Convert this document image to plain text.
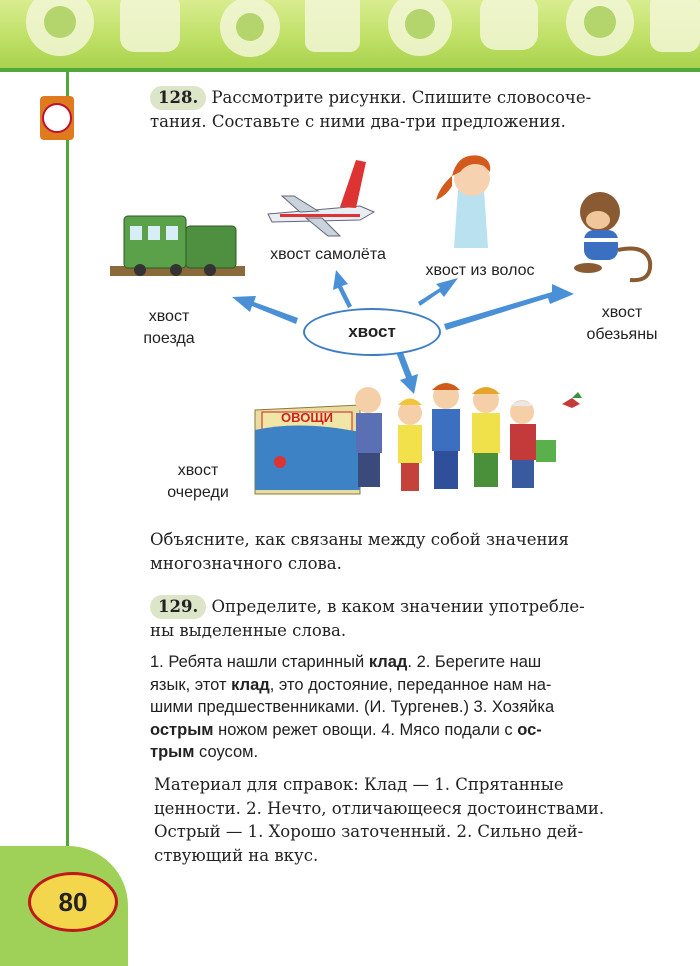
80
128. Рассмотрите рисунки. Спишите словосоче-
тания. Составьте с ними два-три предложения.
ОВОЩИ
хвост
хвост самолёта
хвост из волос
хвост
поезда
хвост
обезьяны
хвост
очереди
Объясните, как связаны между собой значения
многозначного слова.
129. Определите, в каком значении употребле-
ны выделенные слова.
1. Ребята нашли старинный клад. 2. Берегите наш
язык, этот клад, это достояние, переданное нам на-
шими предшественниками. (И. Тургенев.) 3. Хозяйка
острым ножом режет овощи. 4. Мясо подали с ос-
трым соусом.
Материал для справок: Клад — 1. Спрятанные
ценности. 2. Нечто, отличающееся достоинствами.
Острый — 1. Хорошо заточенный. 2. Сильно дей-
ствующий на вкус.
